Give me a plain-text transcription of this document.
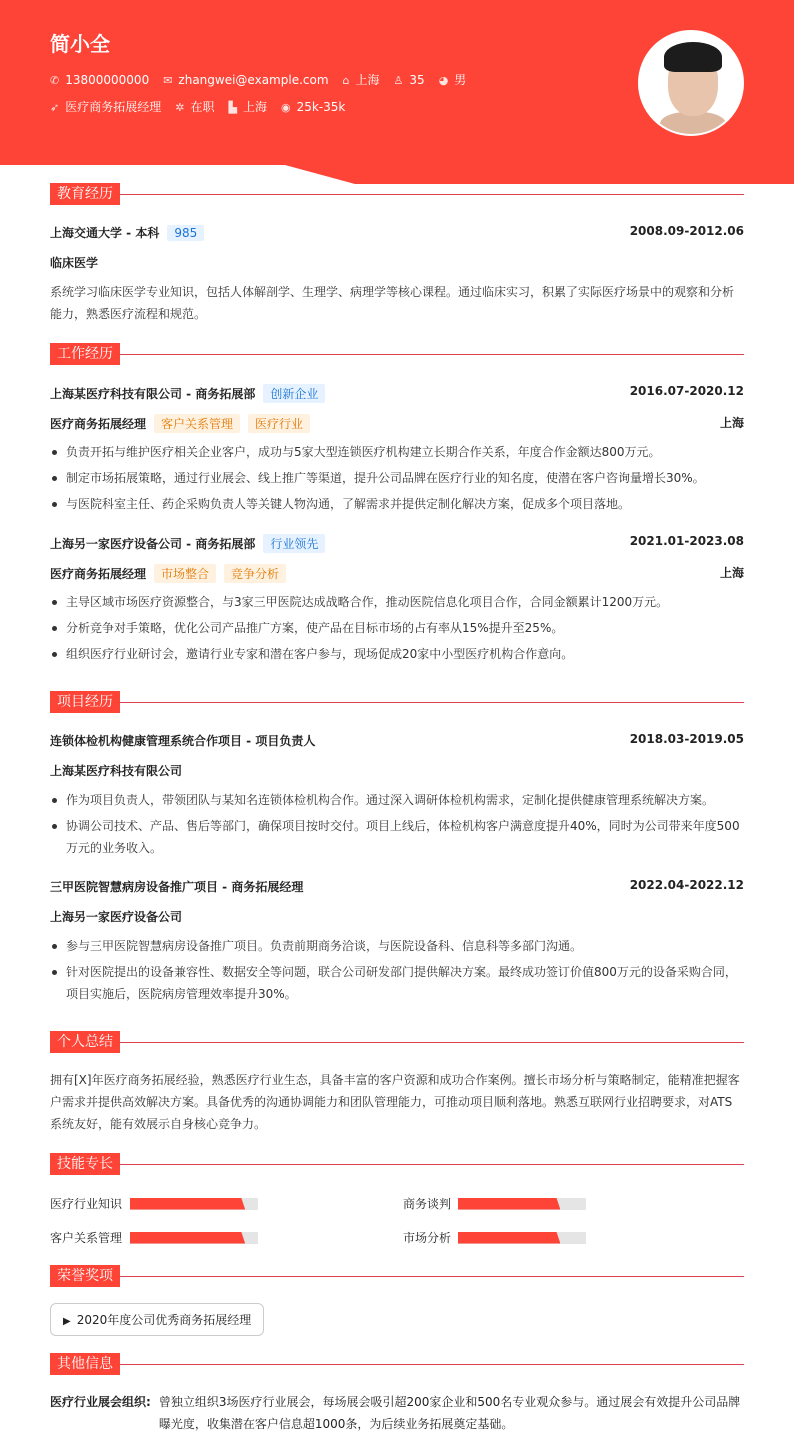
简小全
✆ 13800000000 ✉ zhangwei@example.com ⌂ 上海 ♙ 35 ◕ 男
➶ 医疗商务拓展经理 ✲ 在职 ▙ 上海 ◉ 25k-35k
教育经历
上海交通大学 - 本科 985	2008.09-2012.06
临床医学
系统学习临床医学专业知识，包括人体解剖学、生理学、病理学等核心课程。通过临床实习，积累了实际医疗场景中的观察和分析能力，熟悉医疗流程和规范。
工作经历
上海某医疗科技有限公司 - 商务拓展部 创新企业	2016.07-2020.12
医疗商务拓展经理 客户关系管理 医疗行业	上海
负责开拓与维护医疗相关企业客户，成功与5家大型连锁医疗机构建立长期合作关系，年度合作金额达800万元。
制定市场拓展策略，通过行业展会、线上推广等渠道，提升公司品牌在医疗行业的知名度，使潜在客户咨询量增长30%。
与医院科室主任、药企采购负责人等关键人物沟通，了解需求并提供定制化解决方案，促成多个项目落地。
上海另一家医疗设备公司 - 商务拓展部 行业领先	2021.01-2023.08
医疗商务拓展经理 市场整合 竞争分析	上海
主导区域市场医疗资源整合，与3家三甲医院达成战略合作，推动医院信息化项目合作，合同金额累计1200万元。
分析竞争对手策略，优化公司产品推广方案，使产品在目标市场的占有率从15%提升至25%。
组织医疗行业研讨会，邀请行业专家和潜在客户参与，现场促成20家中小型医疗机构合作意向。
项目经历
连锁体检机构健康管理系统合作项目 - 项目负责人	2018.03-2019.05
上海某医疗科技有限公司
作为项目负责人，带领团队与某知名连锁体检机构合作。通过深入调研体检机构需求，定制化提供健康管理系统解决方案。
协调公司技术、产品、售后等部门，确保项目按时交付。项目上线后，体检机构客户满意度提升40%，同时为公司带来年度500万元的业务收入。
三甲医院智慧病房设备推广项目 - 商务拓展经理	2022.04-2022.12
上海另一家医疗设备公司
参与三甲医院智慧病房设备推广项目。负责前期商务洽谈，与医院设备科、信息科等多部门沟通。
针对医院提出的设备兼容性、数据安全等问题，联合公司研发部门提供解决方案。最终成功签订价值800万元的设备采购合同，项目实施后，医院病房管理效率提升30%。
个人总结
拥有[X]年医疗商务拓展经验，熟悉医疗行业生态，具备丰富的客户资源和成功合作案例。擅长市场分析与策略制定，能精准把握客户需求并提供高效解决方案。具备优秀的沟通协调能力和团队管理能力，可推动项目顺利落地。熟悉互联网行业招聘要求，对ATS系统友好，能有效展示自身核心竞争力。
技能专长
医疗行业知识	商务谈判
客户关系管理	市场分析
荣誉奖项
▶ 2020年度公司优秀商务拓展经理
其他信息
医疗行业展会组织: 曾独立组织3场医疗行业展会，每场展会吸引超200家企业和500名专业观众参与。通过展会有效提升公司品牌曝光度，收集潜在客户信息超1000条，为后续业务拓展奠定基础。
